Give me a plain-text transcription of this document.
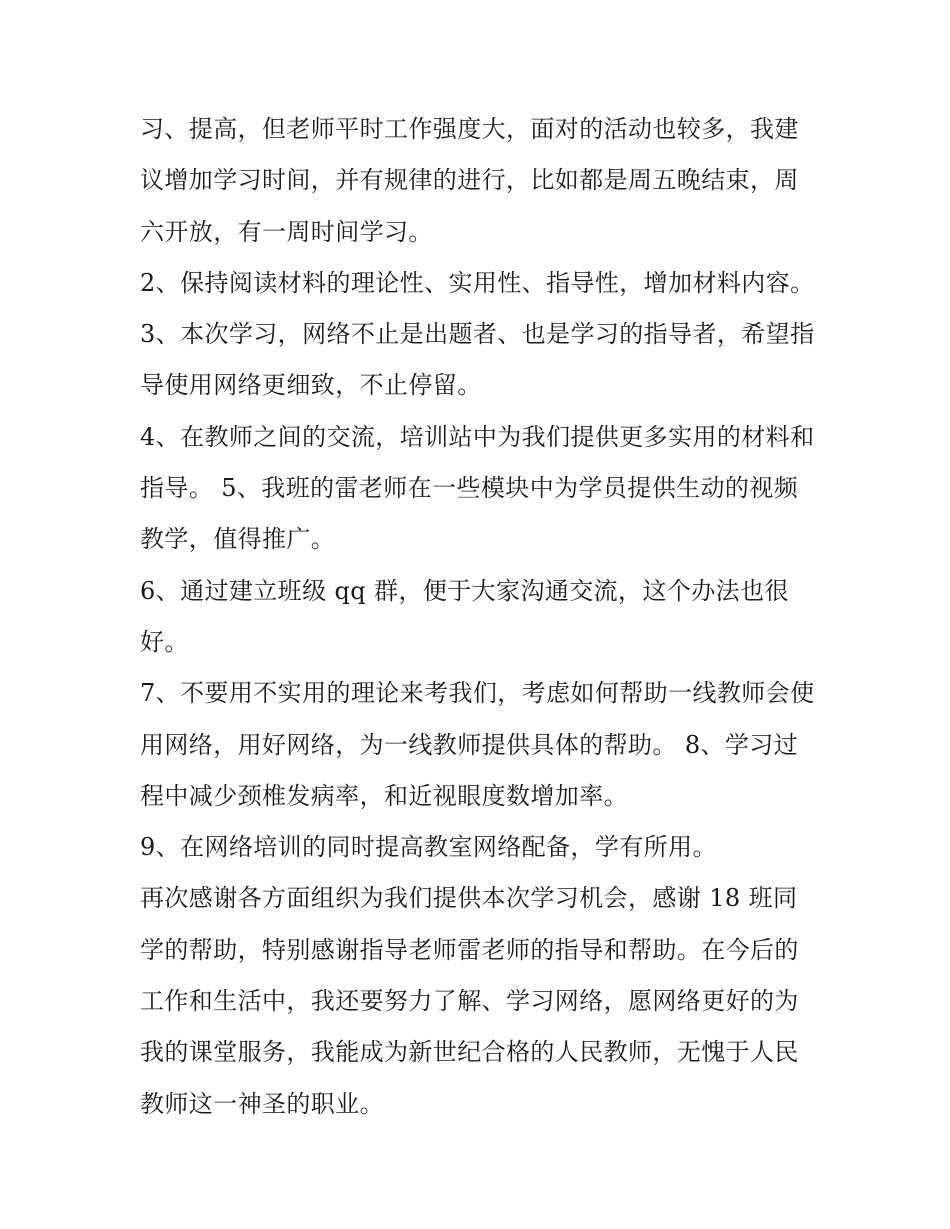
习、提高，但老师平时工作强度大，面对的活动也较多，我建议增加学习时间，并有规律的进行，比如都是周五晚结束，周六开放，有一周时间学习。

2、保持阅读材料的理论性、实用性、指导性，增加材料内容。 3、本次学习，网络不止是出题者、也是学习的指导者，希望指导使用网络更细致，不止停留。

4、在教师之间的交流，培训站中为我们提供更多实用的材料和指导。 5、我班的雷老师在一些模块中为学员提供生动的视频教学，值得推广。

6、通过建立班级 qq 群，便于大家沟通交流，这个办法也很好。

7、不要用不实用的理论来考我们，考虑如何帮助一线教师会使用网络，用好网络，为一线教师提供具体的帮助。 8、学习过程中减少颈椎发病率，和近视眼度数增加率。

9、在网络培训的同时提高教室网络配备，学有所用。

再次感谢各方面组织为我们提供本次学习机会，感谢 18 班同学的帮助，特别感谢指导老师雷老师的指导和帮助。在今后的工作和生活中，我还要努力了解、学习网络，愿网络更好的为我的课堂服务，我能成为新世纪合格的人民教师，无愧于人民教师这一神圣的职业。
